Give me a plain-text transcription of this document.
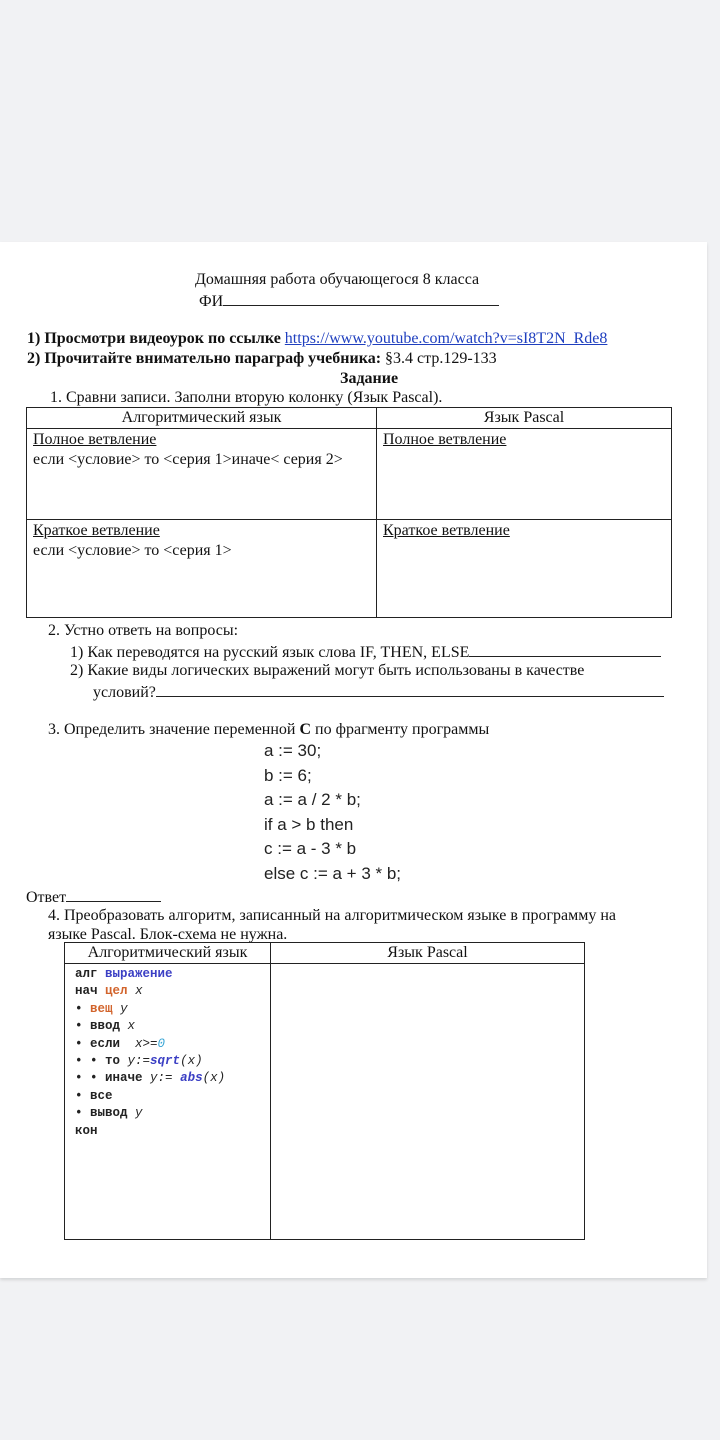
Домашняя работа обучающегося 8 класса
ФИ
1) Просмотри видеоурок по ссылке https://www.youtube.com/watch?v=sI8T2N_Rde8
2) Прочитайте внимательно параграф учебника: §3.4 стр.129-133
Задание
1. Сравни записи. Заполни вторую колонку (Язык Pascal).
Алгоритмический язык	Язык Pascal

Полное ветвление
если <условие> то <серия 1>иначе< серия 2>	Полное ветвление

Краткое ветвление
если <условие> то <серия 1>	Краткое ветвление
2. Устно ответь на вопросы:
1) Как переводятся на русский язык слова IF, THEN, ELSE
2) Какие виды логических выражений могут быть использованы в качестве
условий?
3. Определить значение переменной C по фрагменту программы
a := 30;
b := 6;
a := a / 2 * b;
if a > b then
c := a - 3 * b
else c := a + 3 * b;
Ответ
4. Преобразовать алгоритм, записанный на алгоритмическом языке в программу на
языке Pascal. Блок-схема не нужна.
Алгоритмический язык	Язык Pascal

алг выражение
нач цел x
• вещ y
• ввод x
• если x>=0
• • то y:=sqrt(x)
• • иначе y:= abs(x)
• все
• вывод y
кон
